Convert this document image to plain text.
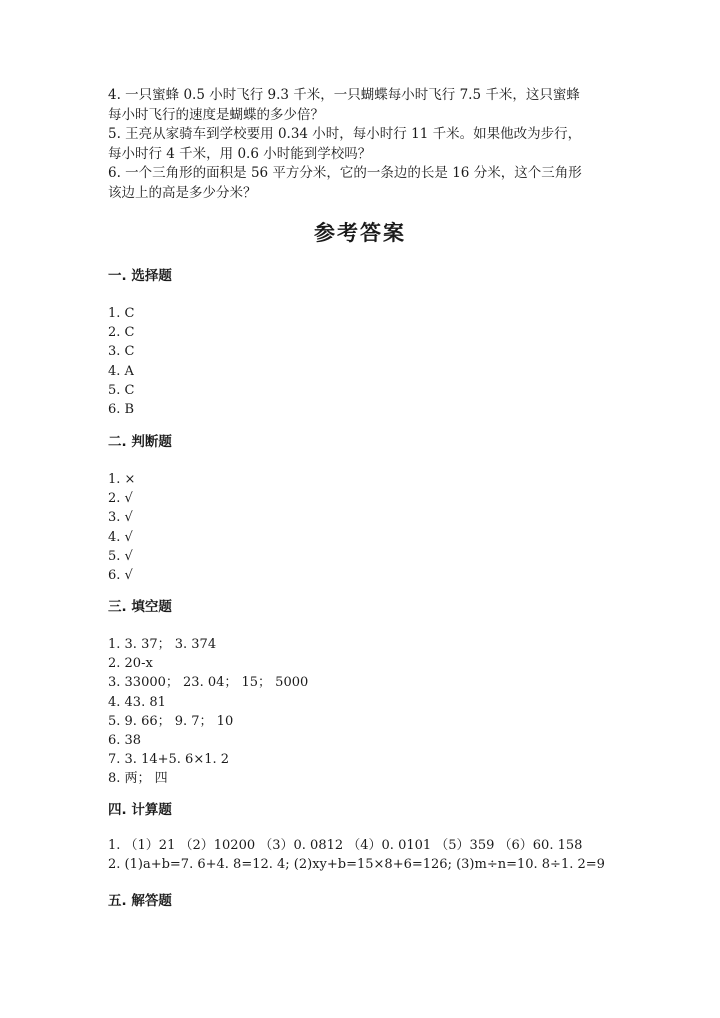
4. 一只蜜蜂 0.5 小时飞行 9.3 千米，一只蝴蝶每小时飞行 7.5 千米，这只蜜蜂

每小时飞行的速度是蝴蝶的多少倍？

5. 王亮从家骑车到学校要用 0.34 小时，每小时行 11 千米。如果他改为步行，

每小时行 4 千米，用 0.6 小时能到学校吗？

6. 一个三角形的面积是 56 平方分米，它的一条边的长是 16 分米，这个三角形

该边上的高是多少分米？

参考答案
一. 选择题
1. C
2. C
3. C
4. A
5. C
6. B
二. 判断题
1. ×
2. √
3. √
4. √
5. √
6. √
三. 填空题
1. 3. 37； 3. 374
2. 20-x
3. 33000； 23. 04； 15； 5000
4. 43. 81
5. 9. 66； 9. 7； 10
6. 38
7. 3. 14+5. 6×1. 2
8. 两； 四
四. 计算题
1. （1）21 （2）10200 （3）0. 0812 （4）0. 0101 （5）359 （6）60. 158
2. (1)a+b=7. 6+4. 8=12. 4; (2)xy+b=15×8+6=126; (3)m÷n=10. 8÷1. 2=9
五. 解答题
